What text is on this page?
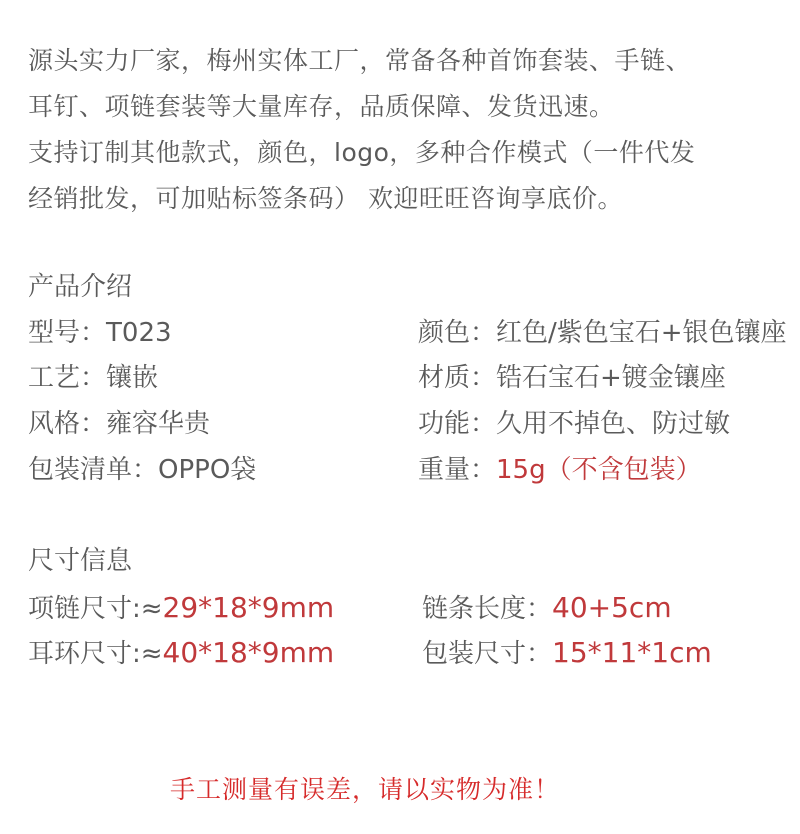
源头实力厂家，梅州实体工厂，常备各种首饰套装、手链、
耳钉、项链套装等大量库存，品质保障、发货迅速。
支持订制其他款式，颜色，logo，多种合作模式（一件代发
经销批发，可加贴标签条码） 欢迎旺旺咨询享底价。
产品介绍
型号：T023	颜色：红色/紫色宝石+银色镶座
工艺：镶嵌	材质：锆石宝石+镀金镶座
风格：雍容华贵	功能：久用不掉色、防过敏
包装清单：OPPO袋	重量：15g（不含包装）
尺寸信息
项链尺寸:≈29*18*9mm	链条长度：40+5cm
耳环尺寸:≈40*18*9mm	包装尺寸：15*11*1cm
手工测量有误差，请以实物为准！
